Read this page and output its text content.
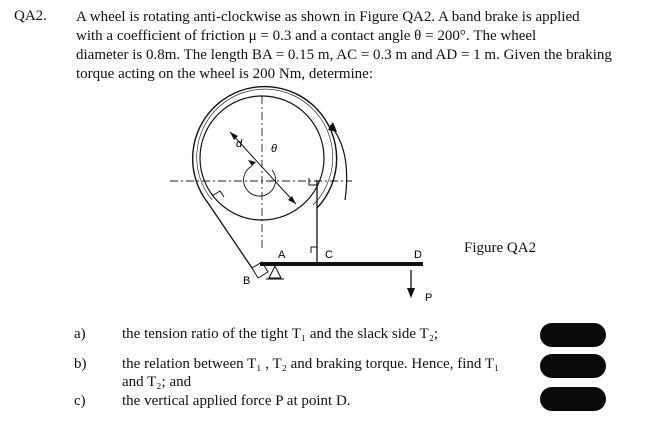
QA2. A wheel is rotating anti-clockwise as shown in Figure QA2. A band brake is applied
with a coefficient of friction μ = 0.3 and a contact angle θ = 200°. The wheel
diameter is 0.8m. The length BA = 0.15 m, AC = 0.3 m and AD = 1 m. Given the braking
torque acting on the wheel is 200 Nm, determine:
d	θ
A
B
C	D
P
Figure QA2
a) the tension ratio of the tight T₁ and the slack side T₂;
b) the relation between T₁ , T₂ and braking torque. Hence, find T₁
and T₂; and
c) the vertical applied force P at point D.
